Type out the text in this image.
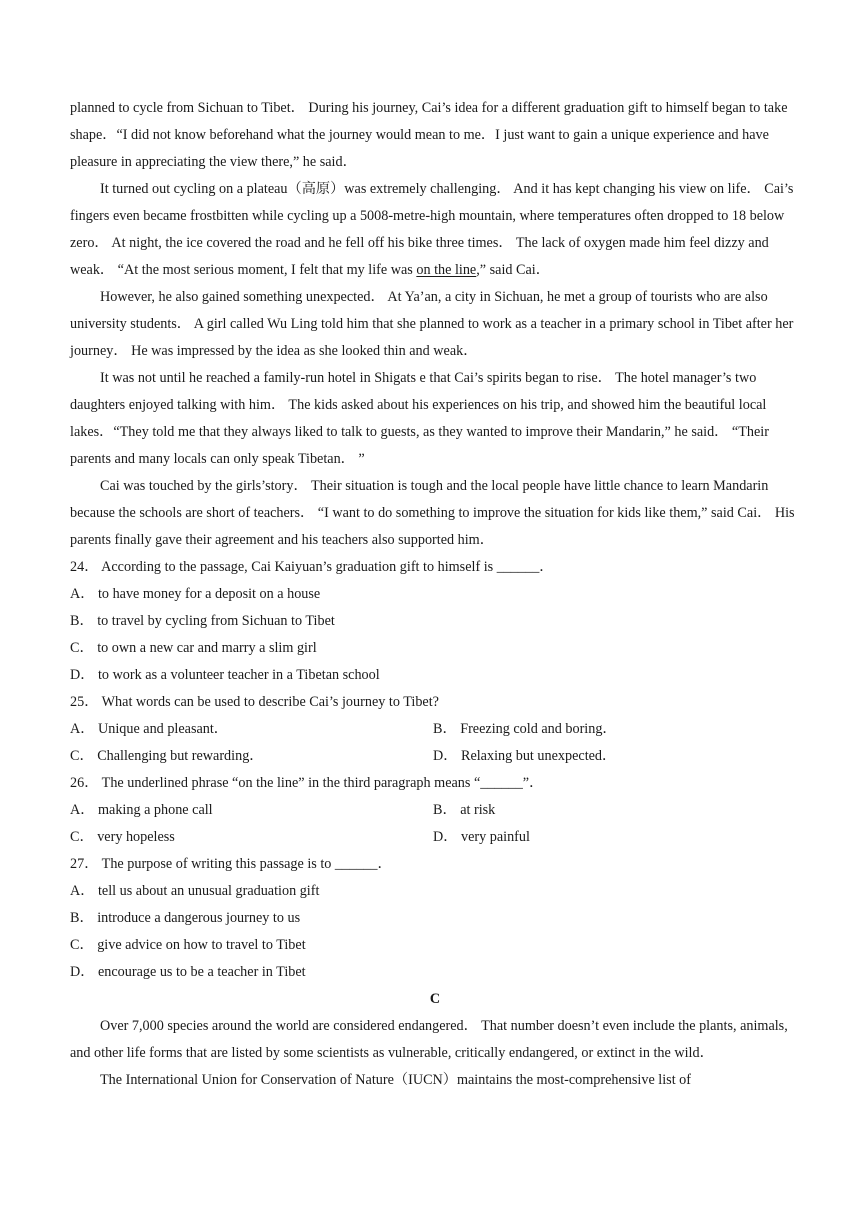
planned to cycle from Sichuan to Tibet． During his journey, Cai’s idea for a different graduation gift to himself began to take shape．“I did not know beforehand what the journey would mean to me．I just want to gain a unique experience and have pleasure in appreciating the view there,” he said．

It turned out cycling on a plateau（高原）was extremely challenging． And it has kept changing his view on life． Cai’s fingers even became frostbitten while cycling up a 5008-metre-high mountain, where temperatures often dropped to 18 below zero． At night, the ice covered the road and he fell off his bike three times． The lack of oxygen made him feel dizzy and weak． “At the most serious moment, I felt that my life was on the line,” said Cai．

However, he also gained something unexpected． At Ya’an, a city in Sichuan, he met a group of tourists who are also university students． A girl called Wu Ling told him that she planned to work as a teacher in a primary school in Tibet after her journey． He was impressed by the idea as she looked thin and weak．

It was not until he reached a family-run hotel in Shigats e that Cai’s spirits began to rise． The hotel manager’s two daughters enjoyed talking with him． The kids asked about his experiences on his trip, and showed him the beautiful local lakes．“They told me that they always liked to talk to guests, as they wanted to improve their Mandarin,” he said． “Their parents and many locals can only speak Tibetan． ”

Cai was touched by the girls’story． Their situation is tough and the local people have little chance to learn Mandarin because the schools are short of teachers． “I want to do something to improve the situation for kids like them,” said Cai． His parents finally gave their agreement and his teachers also supported him．

24． According to the passage, Cai Kaiyuan’s graduation gift to himself is ______．

A． to have money for a deposit on a house

B． to travel by cycling from Sichuan to Tibet

C． to own a new car and marry a slim girl

D． to work as a volunteer teacher in a Tibetan school

25． What words can be used to describe Cai’s journey to Tibet?

A． Unique and pleasant．	B． Freezing cold and boring．
C． Challenging but rewarding．	D． Relaxing but unexpected．

26． The underlined phrase “on the line” in the third paragraph means “______”．

A． making a phone call	B． at risk
C． very hopeless	D． very painful

27． The purpose of writing this passage is to ______．

A． tell us about an unusual graduation gift

B． introduce a dangerous journey to us

C． give advice on how to travel to Tibet

D． encourage us to be a teacher in Tibet

C

Over 7,000 species around the world are considered endangered． That number doesn’t even include the plants, animals, and other life forms that are listed by some scientists as vulnerable, critically endangered, or extinct in the wild．

The International Union for Conservation of Nature（IUCN）maintains the most-comprehensive list of
